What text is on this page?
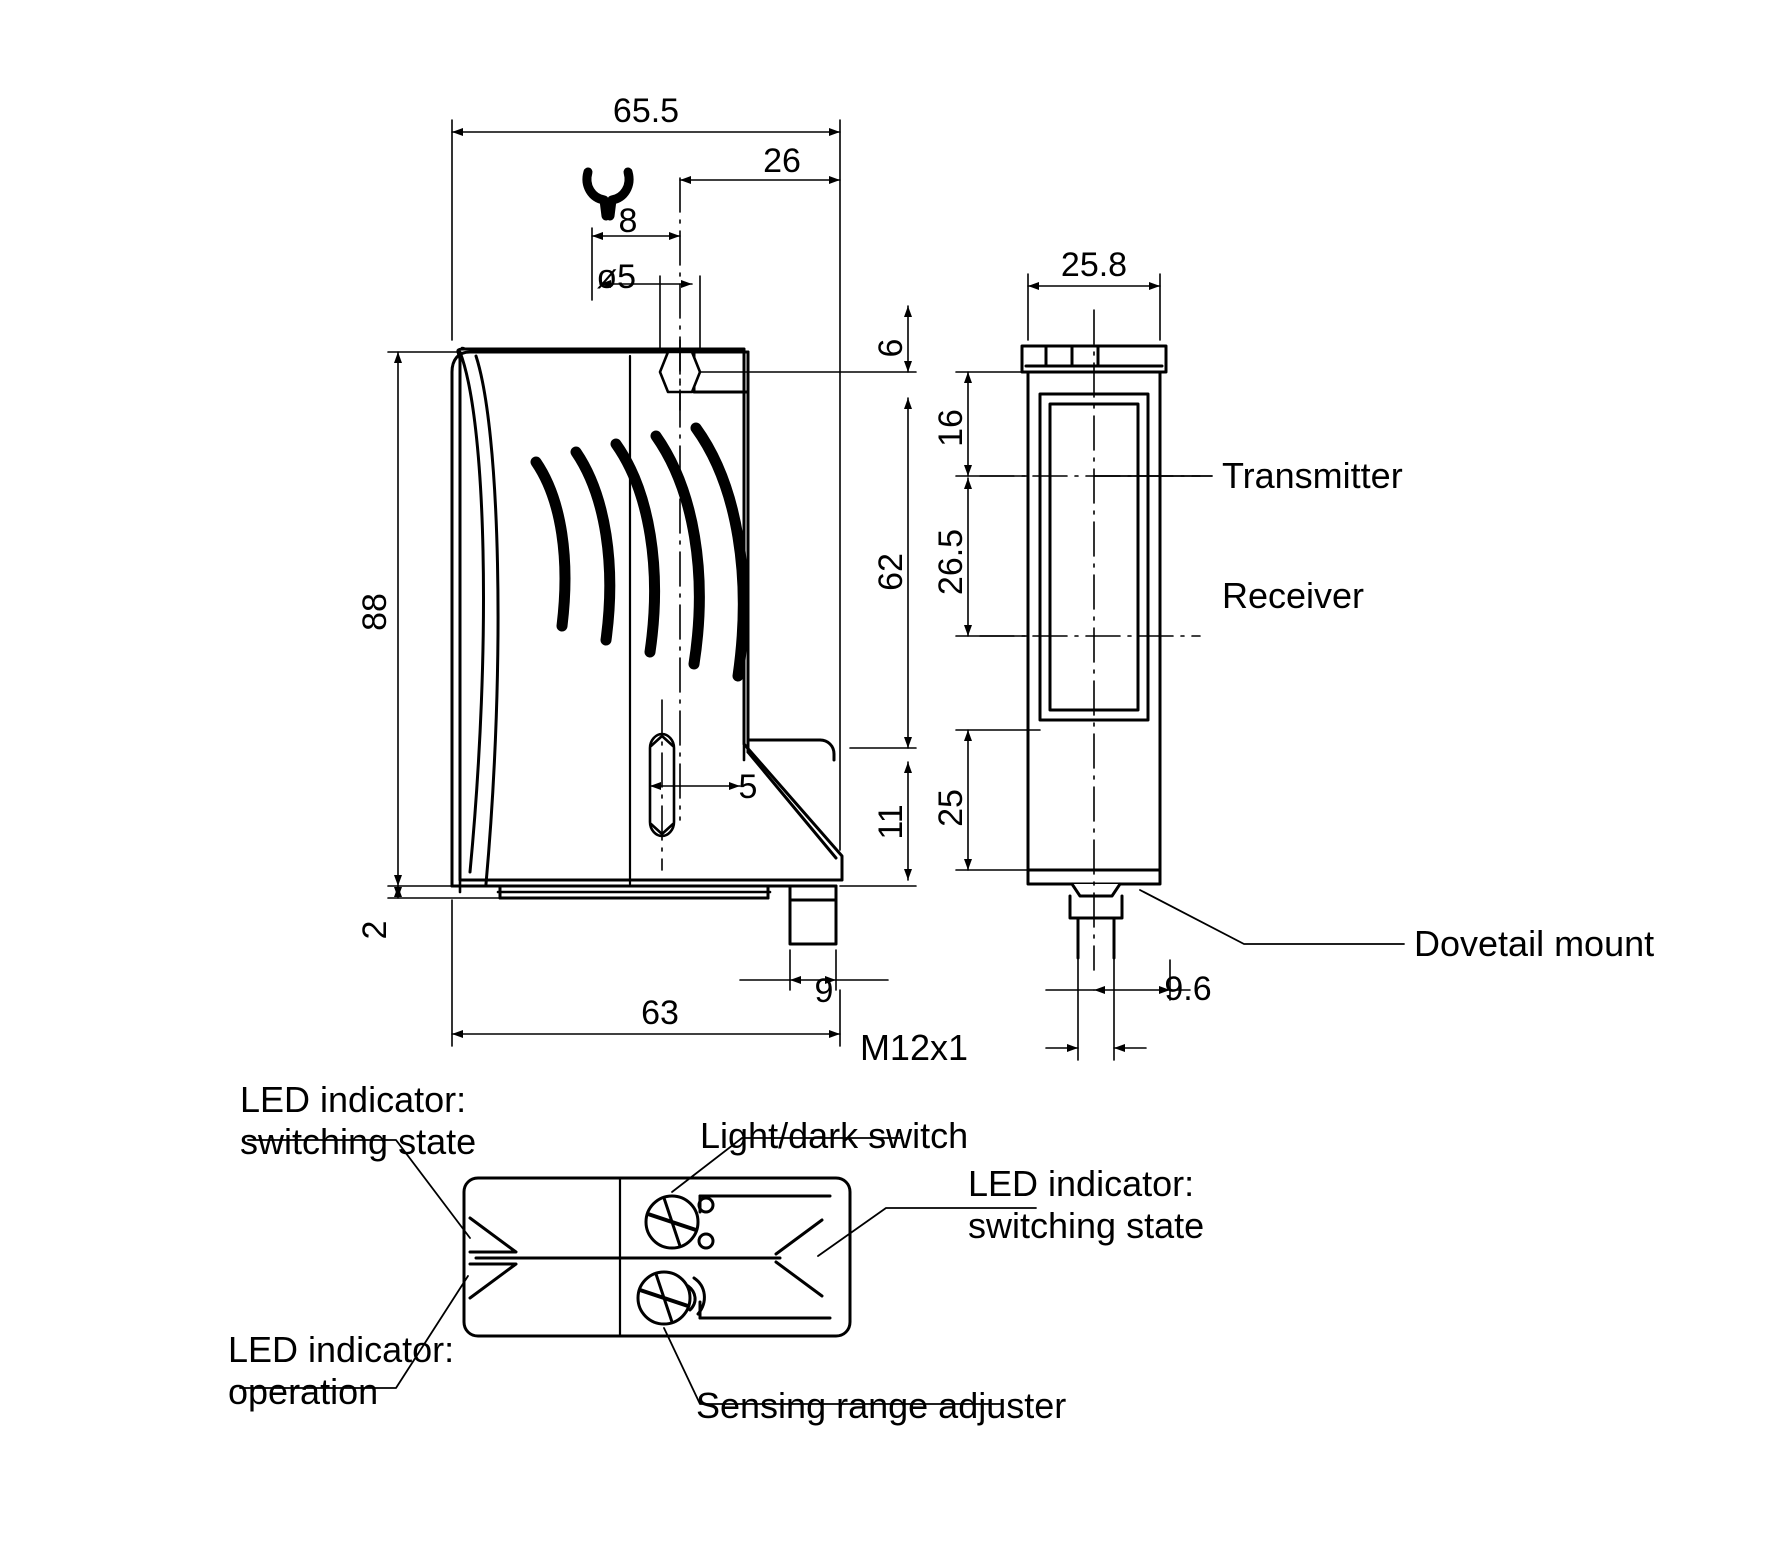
65.5
26
8
ø5
6
88
62
5
11
2
9
63
25.8
16
26.5
25
9.6
Transmitter
Receiver
Dovetail mount
M12x1
LED indicator:
switching state	Light/dark switch
LED indicator:
switching state
LED indicator:
operation	Sensing range adjuster
